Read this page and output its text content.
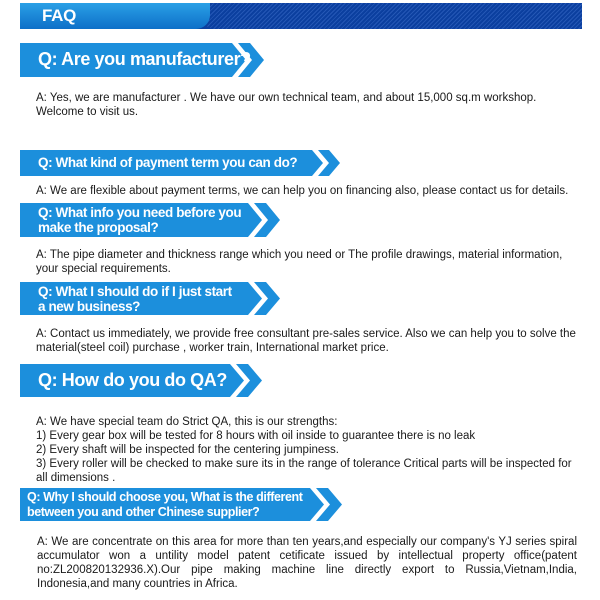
FAQ
Q: Are you manufacturer?
A: Yes, we are manufacturer . We have our own technical team, and about 15,000 sq.m workshop. Welcome to visit us.
Q: What kind of payment term you can do?
A: We are flexible about payment terms, we can help you on financing also, please contact us for details.
Q: What info you need before you
make the proposal?
A: The pipe diameter and thickness range which you need or The profile drawings, material information, your special requirements.
Q: What I should do if I just start
a new business?
A: Contact us immediately, we provide free consultant pre-sales service. Also we can help you to solve the material(steel coil) purchase , worker train, International market price.
Q: How do you do QA?
A: We have special team do Strict QA, this is our strengths:
1) Every gear box will be tested for 8 hours with oil inside to guarantee there is no leak
2) Every shaft will be inspected for the centering jumpiness.
3) Every roller will be checked to make sure its in the range of tolerance Critical parts will be inspected for all dimensions .
Q: Why I should choose you, What is the different
between you and other Chinese supplier?
A: We are concentrate on this area for more than ten years,and especially our company's YJ series spiral accumulator won a untility model patent cetificate issued by intellectual property office(patent no:ZL200820132936.X).Our pipe making machine line directly export to Russia,Vietnam,India, Indonesia,and many countries in Africa.
